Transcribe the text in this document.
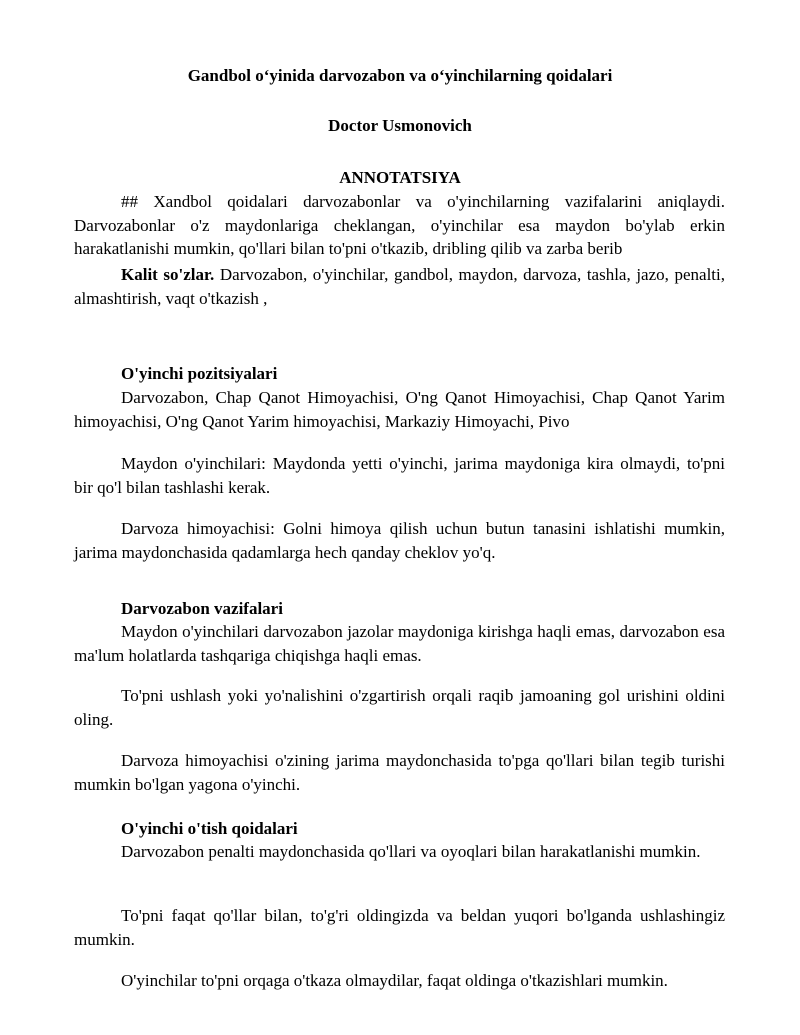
Gandbol o‘yinida darvozabon va o‘yinchilarning qoidalari
Doctor Usmonovich
ANNOTATSIYA

## Xandbol qoidalari darvozabonlar va o'yinchilarning vazifalarini aniqlaydi. Darvozabonlar o'z maydonlariga cheklangan, o'yinchilar esa maydon bo'ylab erkin harakatlanishi mumkin, qo'llari bilan to'pni o'tkazib, dribling qilib va zarba berib

Kalit so'zlar. Darvozabon, o'yinchilar, gandbol, maydon, darvoza, tashla, jazo, penalti, almashtirish, vaqt o'tkazish ,

O'yinchi pozitsiyalari

Darvozabon, Chap Qanot Himoyachisi, O'ng Qanot Himoyachisi, Chap Qanot Yarim himoyachisi, O'ng Qanot Yarim himoyachisi, Markaziy Himoyachi, Pivo

Maydon o'yinchilari: Maydonda yetti o'yinchi, jarima maydoniga kira olmaydi, to'pni bir qo'l bilan tashlashi kerak.

Darvoza himoyachisi: Golni himoya qilish uchun butun tanasini ishlatishi mumkin, jarima maydonchasida qadamlarga hech qanday cheklov yo'q.

Darvozabon vazifalari

Maydon o'yinchilari darvozabon jazolar maydoniga kirishga haqli emas, darvozabon esa ma'lum holatlarda tashqariga chiqishga haqli emas.

To'pni ushlash yoki yo'nalishini o'zgartirish orqali raqib jamoaning gol urishini oldini oling.

Darvoza himoyachisi o'zining jarima maydonchasida to'pga qo'llari bilan tegib turishi mumkin bo'lgan yagona o'yinchi.

O'yinchi o'tish qoidalari

Darvozabon penalti maydonchasida qo'llari va oyoqlari bilan harakatlanishi mumkin.

To'pni faqat qo'llar bilan, to'g'ri oldingizda va beldan yuqori bo'lganda ushlashingiz mumkin.

O'yinchilar to'pni orqaga o'tkaza olmaydilar, faqat oldinga o'tkazishlari mumkin.
